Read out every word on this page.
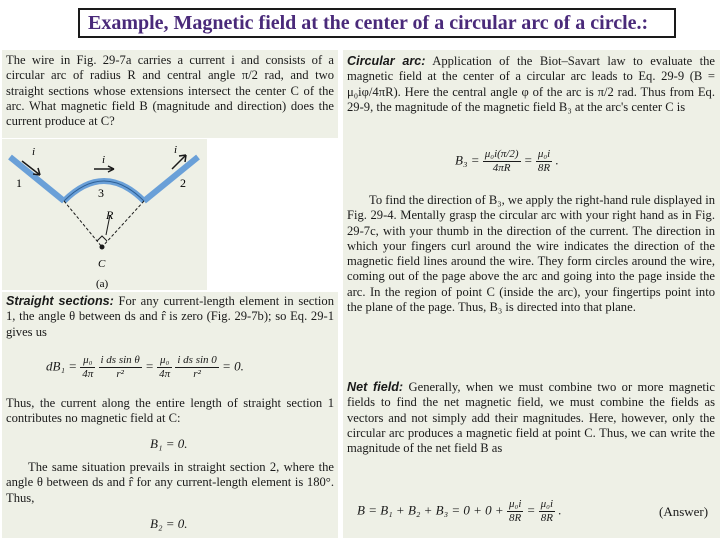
Example, Magnetic field at the center of a circular arc of a circle.:
The wire in Fig. 29-7a carries a current i and consists of a circular arc of radius R and central angle π/2 rad, and two straight sections whose extensions intersect the center C of the arc. What magnetic field B (magnitude and direction) does the current produce at C?
i
i
i
1	2
3
R
C
(a)
Straight sections: For any current-length element in section 1, the angle θ between ds and r̂ is zero (Fig. 29-7b); so Eq. 29-1 gives us
$dB_1 = \frac{\text{μ₀}}{4\pi}$
$\frac{\text{i ds sin θ}}{\text{r²}} = \frac{\text{μ₀}}{4\pi}$
$\frac{\text{i ds sin 0}}{\text{r²}} = 0$.
Thus, the current along the entire length of straight section 1 contributes no magnetic field at C:
B₁ = 0.
The same situation prevails in straight section 2, where the angle θ between ds and r̂ for any current-length element is 180°. Thus,
B₂ = 0.
Circular arc: Application of the Biot–Savart law to evaluate the magnetic field at the center of a circular arc leads to Eq. 29-9 (B = μ₀iφ/4πR). Here the central angle φ of the arc is π/2 rad. Thus from Eq. 29-9, the magnitude of the magnetic field B₃ at the arc's center C is
$B_3 = \frac{\text{μ₀i(π/2)}}{4\pi R} = \frac{\text{μ₀i}}{8R}$ .
To find the direction of B₃, we apply the right-hand rule displayed in Fig. 29-4. Mentally grasp the circular arc with your right hand as in Fig. 29-7c, with your thumb in the direction of the current. The direction in which your fingers curl around the wire indicates the direction of the magnetic field lines around the wire. They form circles around the wire, coming out of the page above the arc and going into the page inside the arc. In the region of point C (inside the arc), your fingertips point into the plane of the page. Thus, B₃ is directed into that plane.
Net field: Generally, when we must combine two or more magnetic fields to find the net magnetic field, we must combine the fields as vectors and not simply add their magnitudes. Here, however, only the circular arc produces a magnetic field at point C. Thus, we can write the magnitude of the net field B as
$B = B_1 + B_2 + B_3 = 0 + 0 + \frac{\text{μ₀i}}{8R} = \frac{\text{μ₀i}}{8R}$ .	(Answer)
